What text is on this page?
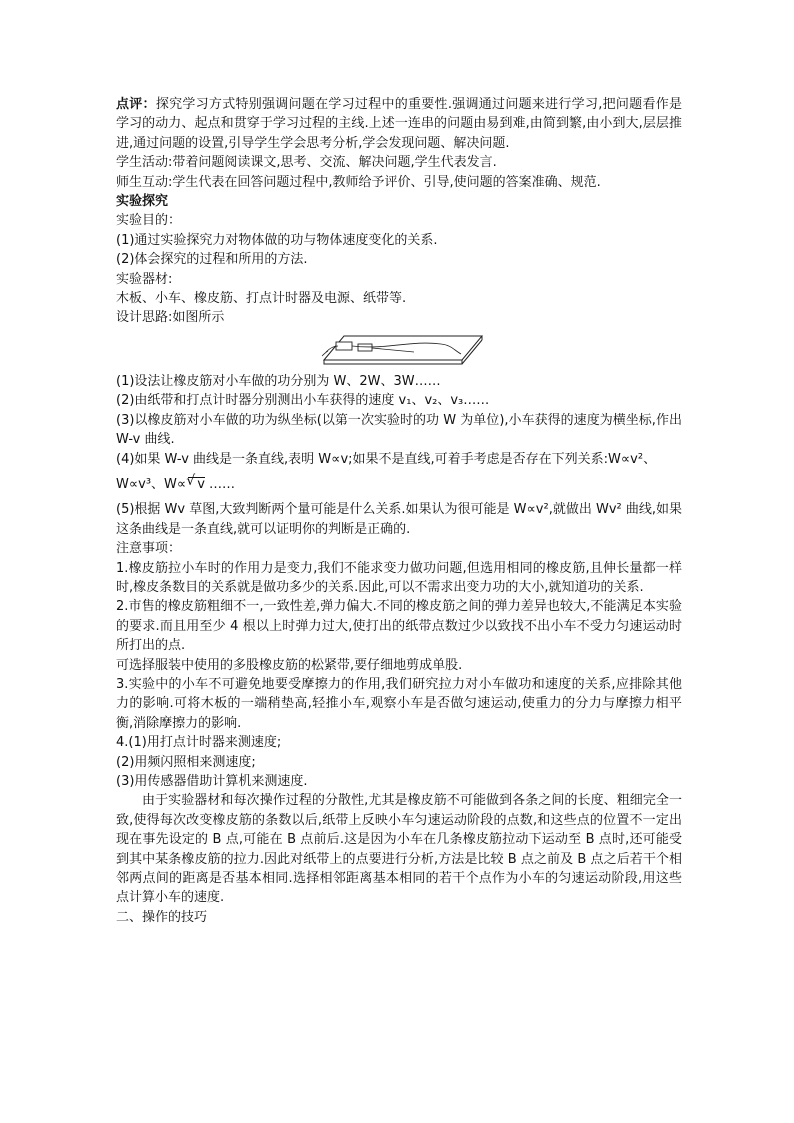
点评：探究学习方式特别强调问题在学习过程中的重要性.强调通过问题来进行学习,把问题看作是学习的动力、起点和贯穿于学习过程的主线.上述一连串的问题由易到难,由简到繁,由小到大,层层推进,通过问题的设置,引导学生学会思考分析,学会发现问题、解决问题.

学生活动:带着问题阅读课文,思考、交流、解决问题,学生代表发言.

师生互动:学生代表在回答问题过程中,教师给予评价、引导,使问题的答案准确、规范.

实验探究

实验目的：

(1)通过实验探究力对物体做的功与物体速度变化的关系.

(2)体会探究的过程和所用的方法.

实验器材:

木板、小车、橡皮筋、打点计时器及电源、纸带等.

设计思路:如图所示

(1)设法让橡皮筋对小车做的功分别为 W、2W、3W……

(2)由纸带和打点计时器分别测出小车获得的速度 v₁、v₂、v₃……

(3)以橡皮筋对小车做的功为纵坐标(以第一次实验时的功 W 为单位),小车获得的速度为横坐标,作出 W-v 曲线.

(4)如果 W-v 曲线是一条直线,表明 W∝v;如果不是直线,可着手考虑是否存在下列关系:W∝v²、

W∝v³、W∝√ v ……

(5)根据 Wv 草图,大致判断两个量可能是什么关系.如果认为很可能是 W∝v²,就做出 Wv² 曲线,如果这条曲线是一条直线,就可以证明你的判断是正确的.

注意事项：

1.橡皮筋拉小车时的作用力是变力,我们不能求变力做功问题,但选用相同的橡皮筋,且伸长量都一样时,橡皮条数目的关系就是做功多少的关系.因此,可以不需求出变力功的大小,就知道功的关系.

2.市售的橡皮筋粗细不一,一致性差,弹力偏大.不同的橡皮筋之间的弹力差异也较大,不能满足本实验的要求.而且用至少 4 根以上时弹力过大,使打出的纸带点数过少以致找不出小车不受力匀速运动时所打出的点.

可选择服装中使用的多股橡皮筋的松紧带,要仔细地剪成单股.

3.实验中的小车不可避免地要受摩擦力的作用,我们研究拉力对小车做功和速度的关系,应排除其他力的影响.可将木板的一端稍垫高,轻推小车,观察小车是否做匀速运动,使重力的分力与摩擦力相平衡,消除摩擦力的影响.

4.(1)用打点计时器来测速度;

(2)用频闪照相来测速度;

(3)用传感器借助计算机来测速度.

由于实验器材和每次操作过程的分散性,尤其是橡皮筋不可能做到各条之间的长度、粗细完全一致,使得每次改变橡皮筋的条数以后,纸带上反映小车匀速运动阶段的点数,和这些点的位置不一定出现在事先设定的 B 点,可能在 B 点前后.这是因为小车在几条橡皮筋拉动下运动至 B 点时,还可能受到其中某条橡皮筋的拉力.因此对纸带上的点要进行分析,方法是比较 B 点之前及 B 点之后若干个相邻两点间的距离是否基本相同.选择相邻距离基本相同的若干个点作为小车的匀速运动阶段,用这些点计算小车的速度.

二、操作的技巧
